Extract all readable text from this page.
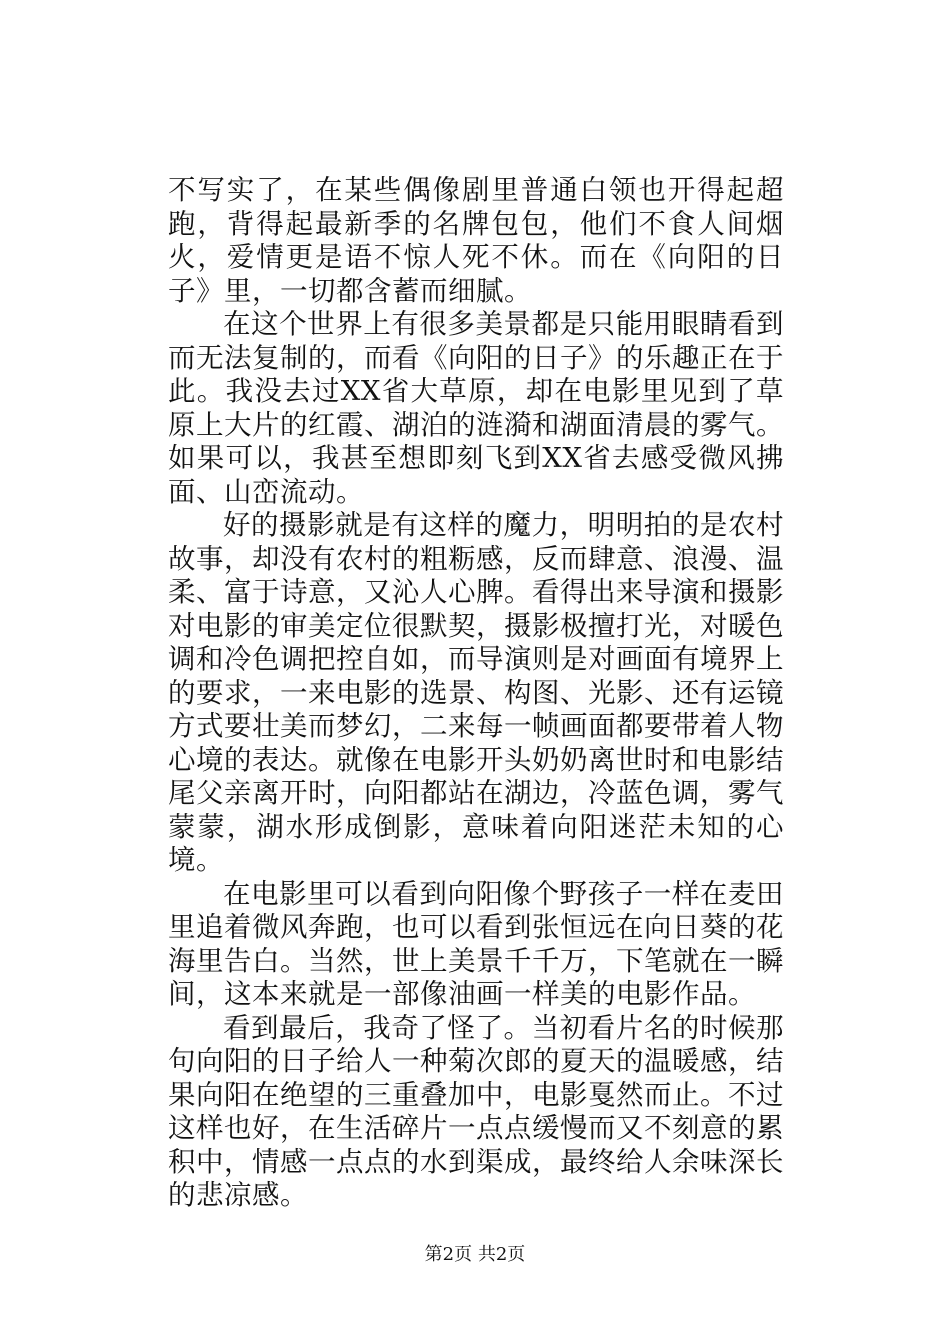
不写实了，在某些偶像剧里普通白领也开得起超跑，背得起最新季的名牌包包，他们不食人间烟火，爱情更是语不惊人死不休。而在《向阳的日子》里，一切都含蓄而细腻。

在这个世界上有很多美景都是只能用眼睛看到而无法复制的，而看《向阳的日子》的乐趣正在于此。我没去过XX省大草原，却在电影里见到了草原上大片的红霞、湖泊的涟漪和湖面清晨的雾气。如果可以，我甚至想即刻飞到XX省去感受微风拂面、山峦流动。

好的摄影就是有这样的魔力，明明拍的是农村故事，却没有农村的粗粝感，反而肆意、浪漫、温柔、富于诗意，又沁人心脾。看得出来导演和摄影对电影的审美定位很默契，摄影极擅打光，对暖色调和冷色调把控自如，而导演则是对画面有境界上的要求，一来电影的选景、构图、光影、还有运镜方式要壮美而梦幻，二来每一帧画面都要带着人物心境的表达。就像在电影开头奶奶离世时和电影结尾父亲离开时，向阳都站在湖边，冷蓝色调，雾气蒙蒙，湖水形成倒影，意味着向阳迷茫未知的心境。

在电影里可以看到向阳像个野孩子一样在麦田里追着微风奔跑，也可以看到张恒远在向日葵的花海里告白。当然，世上美景千千万，下笔就在一瞬间，这本来就是一部像油画一样美的电影作品。

看到最后，我奇了怪了。当初看片名的时候那句向阳的日子给人一种菊次郎的夏天的温暖感，结果向阳在绝望的三重叠加中，电影戛然而止。不过这样也好，在生活碎片一点点缓慢而又不刻意的累积中，情感一点点的水到渠成，最终给人余味深长的悲凉感。

第2页 共2页
